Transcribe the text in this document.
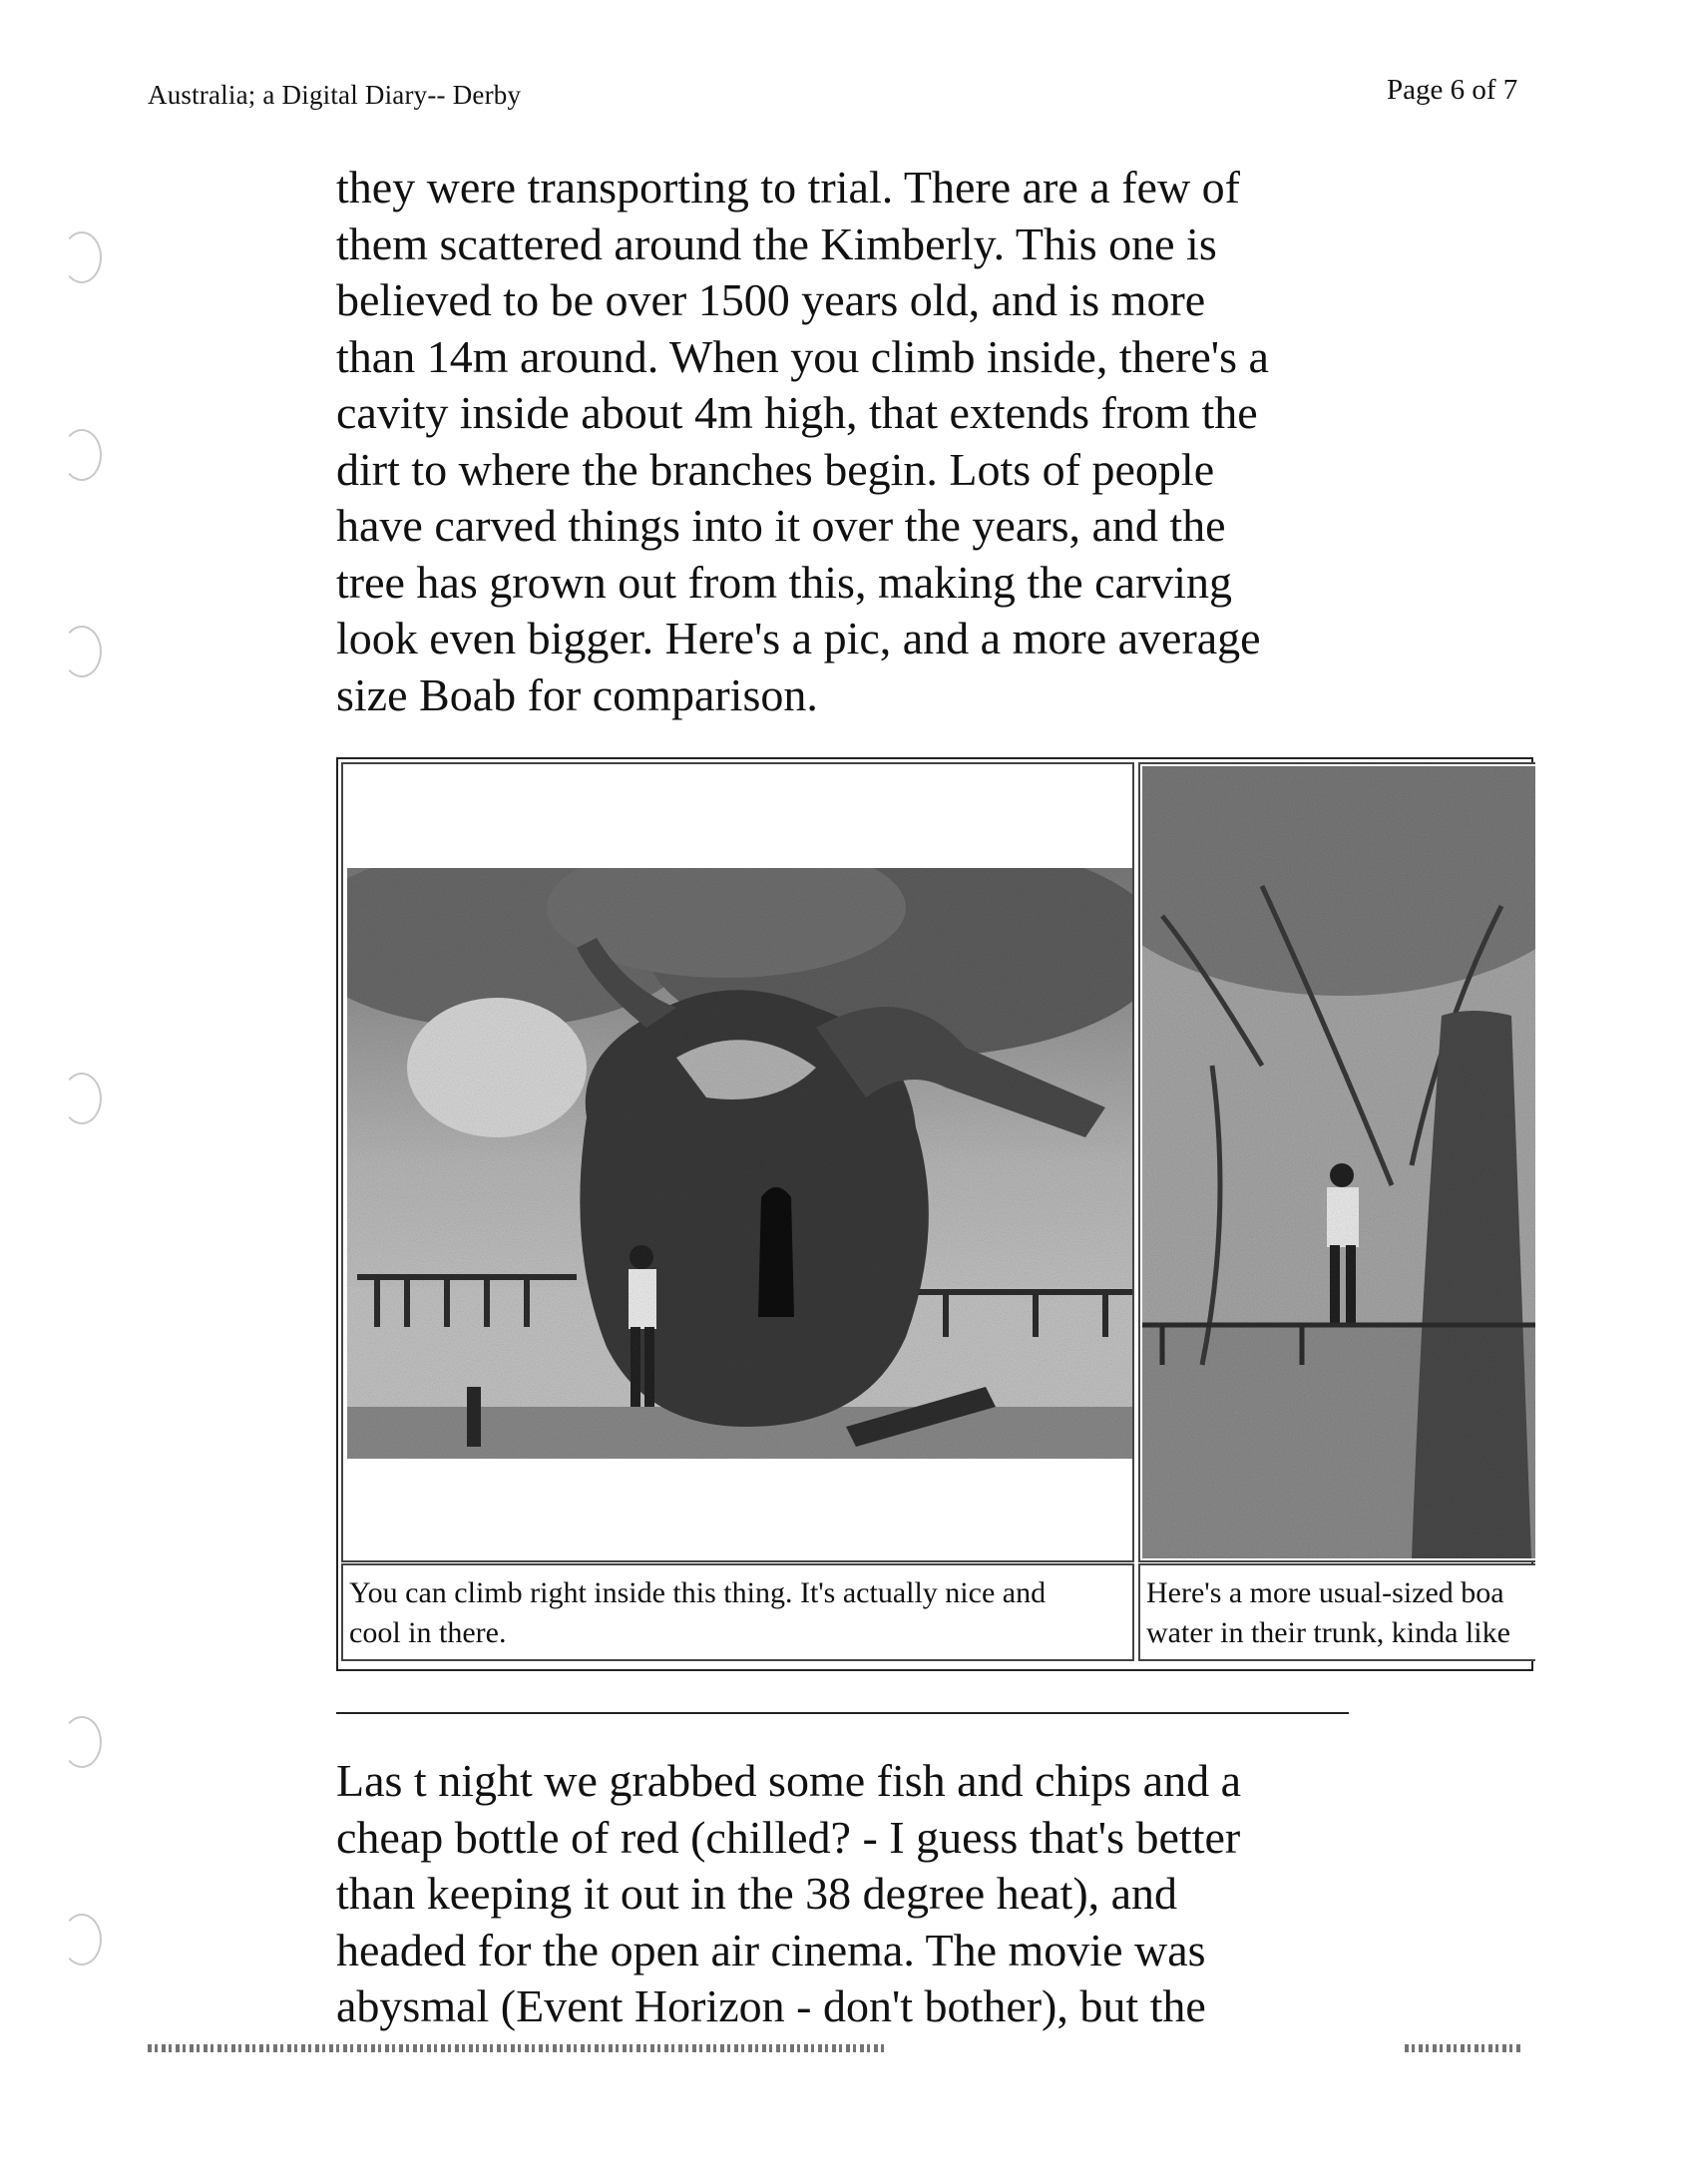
Australia; a Digital Diary-- Derby	Page 6 of 7

they were transporting to trial. There are a few of
them scattered around the Kimberly. This one is
believed to be over 1500 years old, and is more
than 14m around. When you climb inside, there's a
cavity inside about 4m high, that extends from the
dirt to where the branches begin. Lots of people
have carved things into it over the years, and the
tree has grown out from this, making the carving
look even bigger. Here's a pic, and a more average
size Boab for comparison.

You can climb right inside this thing. It's actually nice and
cool in there.
Here's a more usual-sized boa
water in their trunk, kinda like

Las t night we grabbed some fish and chips and a
cheap bottle of red (chilled? - I guess that's better
than keeping it out in the 38 degree heat), and
headed for the open air cinema. The movie was
abysmal (Event Horizon - don't bother), but the
